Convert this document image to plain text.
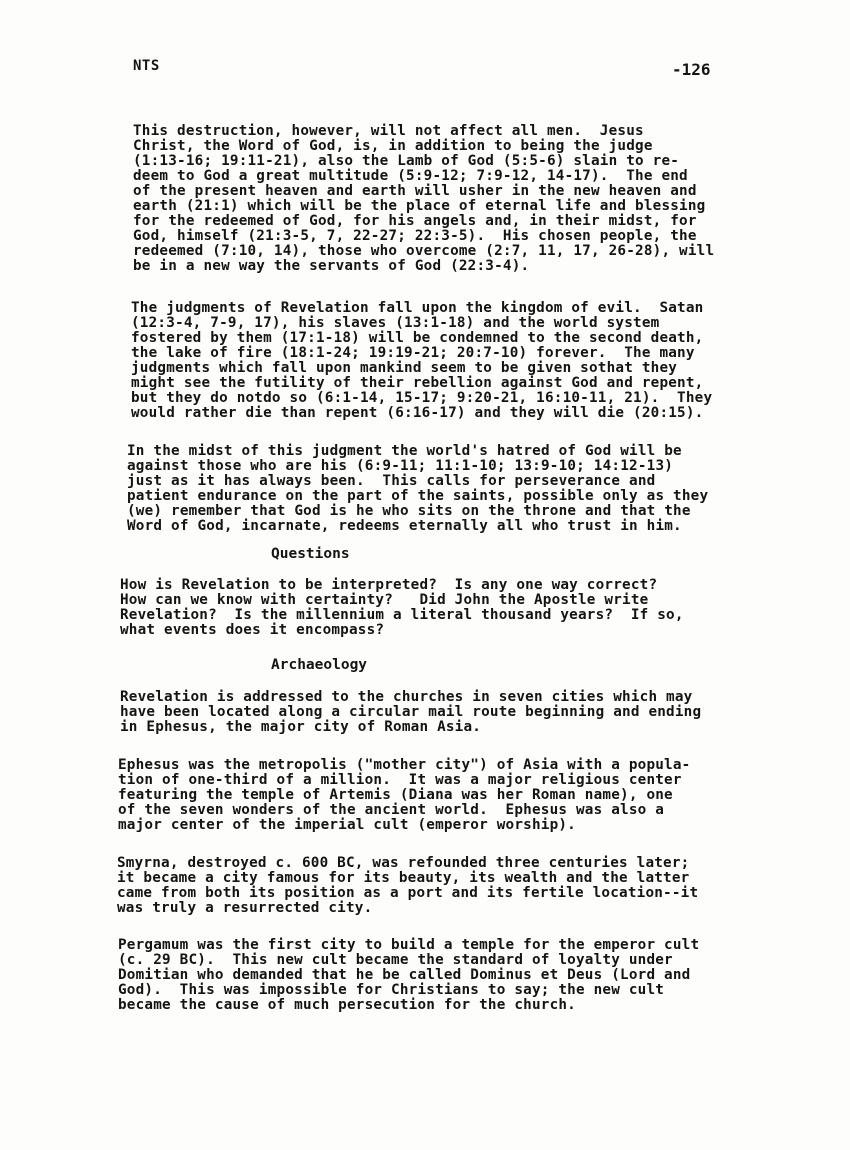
NTS	-126
This destruction, however, will not affect all men.  Jesus
Christ, the Word of God, is, in addition to being the judge
(1:13-16; 19:11-21), also the Lamb of God (5:5-6) slain to re-
deem to God a great multitude (5:9-12; 7:9-12, 14-17).  The end
of the present heaven and earth will usher in the new heaven and
earth (21:1) which will be the place of eternal life and blessing
for the redeemed of God, for his angels and, in their midst, for
God, himself (21:3-5, 7, 22-27; 22:3-5).  His chosen people, the
redeemed (7:10, 14), those who overcome (2:7, 11, 17, 26-28), will
be in a new way the servants of God (22:3-4).
The judgments of Revelation fall upon the kingdom of evil.  Satan
(12:3-4, 7-9, 17), his slaves (13:1-18) and the world system
fostered by them (17:1-18) will be condemned to the second death,
the lake of fire (18:1-24; 19:19-21; 20:7-10) forever.  The many
judgments which fall upon mankind seem to be given sothat they
might see the futility of their rebellion against God and repent,
but they do notdo so (6:1-14, 15-17; 9:20-21, 16:10-11, 21).  They
would rather die than repent (6:16-17) and they will die (20:15).
In the midst of this judgment the world's hatred of God will be
against those who are his (6:9-11; 11:1-10; 13:9-10; 14:12-13)
just as it has always been.  This calls for perseverance and
patient endurance on the part of the saints, possible only as they
(we) remember that God is he who sits on the throne and that the
Word of God, incarnate, redeems eternally all who trust in him.
Questions
How is Revelation to be interpreted?  Is any one way correct?
How can we know with certainty?   Did John the Apostle write
Revelation?  Is the millennium a literal thousand years?  If so,
what events does it encompass?
Archaeology
Revelation is addressed to the churches in seven cities which may
have been located along a circular mail route beginning and ending
in Ephesus, the major city of Roman Asia.
Ephesus was the metropolis ("mother city") of Asia with a popula-
tion of one-third of a million.  It was a major religious center
featuring the temple of Artemis (Diana was her Roman name), one
of the seven wonders of the ancient world.  Ephesus was also a
major center of the imperial cult (emperor worship).
Smyrna, destroyed c. 600 BC, was refounded three centuries later;
it became a city famous for its beauty, its wealth and the latter
came from both its position as a port and its fertile location--it
was truly a resurrected city.
Pergamum was the first city to build a temple for the emperor cult
(c. 29 BC).  This new cult became the standard of loyalty under
Domitian who demanded that he be called Dominus et Deus (Lord and
God).  This was impossible for Christians to say; the new cult
became the cause of much persecution for the church.
